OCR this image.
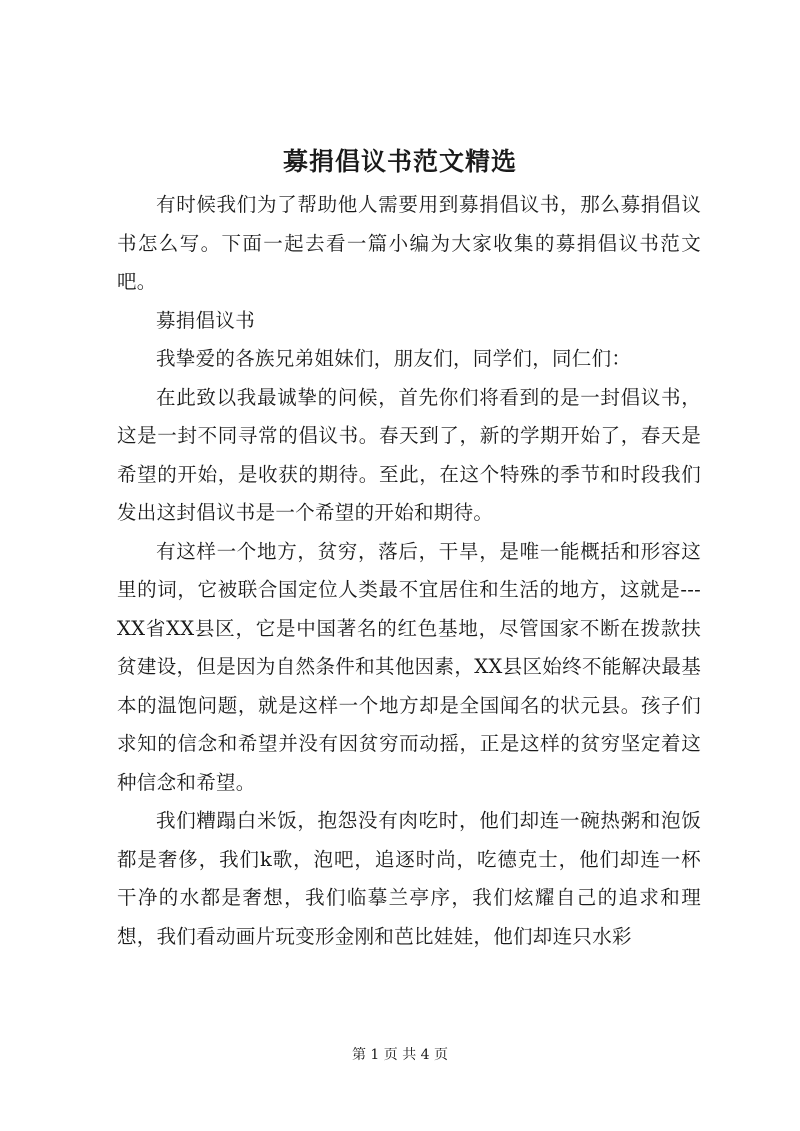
募捐倡议书范文精选

有时候我们为了帮助他人需要用到募捐倡议书，那么募捐倡议书怎么写。下面一起去看一篇小编为大家收集的募捐倡议书范文吧。

募捐倡议书

我挚爱的各族兄弟姐妹们，朋友们，同学们，同仁们：

在此致以我最诚挚的问候，首先你们将看到的是一封倡议书，这是一封不同寻常的倡议书。春天到了，新的学期开始了，春天是希望的开始，是收获的期待。至此，在这个特殊的季节和时段我们发出这封倡议书是一个希望的开始和期待。

有这样一个地方，贫穷，落后，干旱，是唯一能概括和形容这里的词，它被联合国定位人类最不宜居住和生活的地方，这就是---XX省XX县区，它是中国著名的红色基地，尽管国家不断在拨款扶贫建设，但是因为自然条件和其他因素，XX县区始终不能解决最基本的温饱问题，就是这样一个地方却是全国闻名的状元县。孩子们求知的信念和希望并没有因贫穷而动摇，正是这样的贫穷坚定着这种信念和希望。

我们糟蹋白米饭，抱怨没有肉吃时，他们却连一碗热粥和泡饭都是奢侈，我们k歌，泡吧，追逐时尚，吃德克士，他们却连一杯干净的水都是奢想，我们临摹兰亭序，我们炫耀自己的追求和理想，我们看动画片玩变形金刚和芭比娃娃，他们却连只水彩

第 1 页 共 4 页
